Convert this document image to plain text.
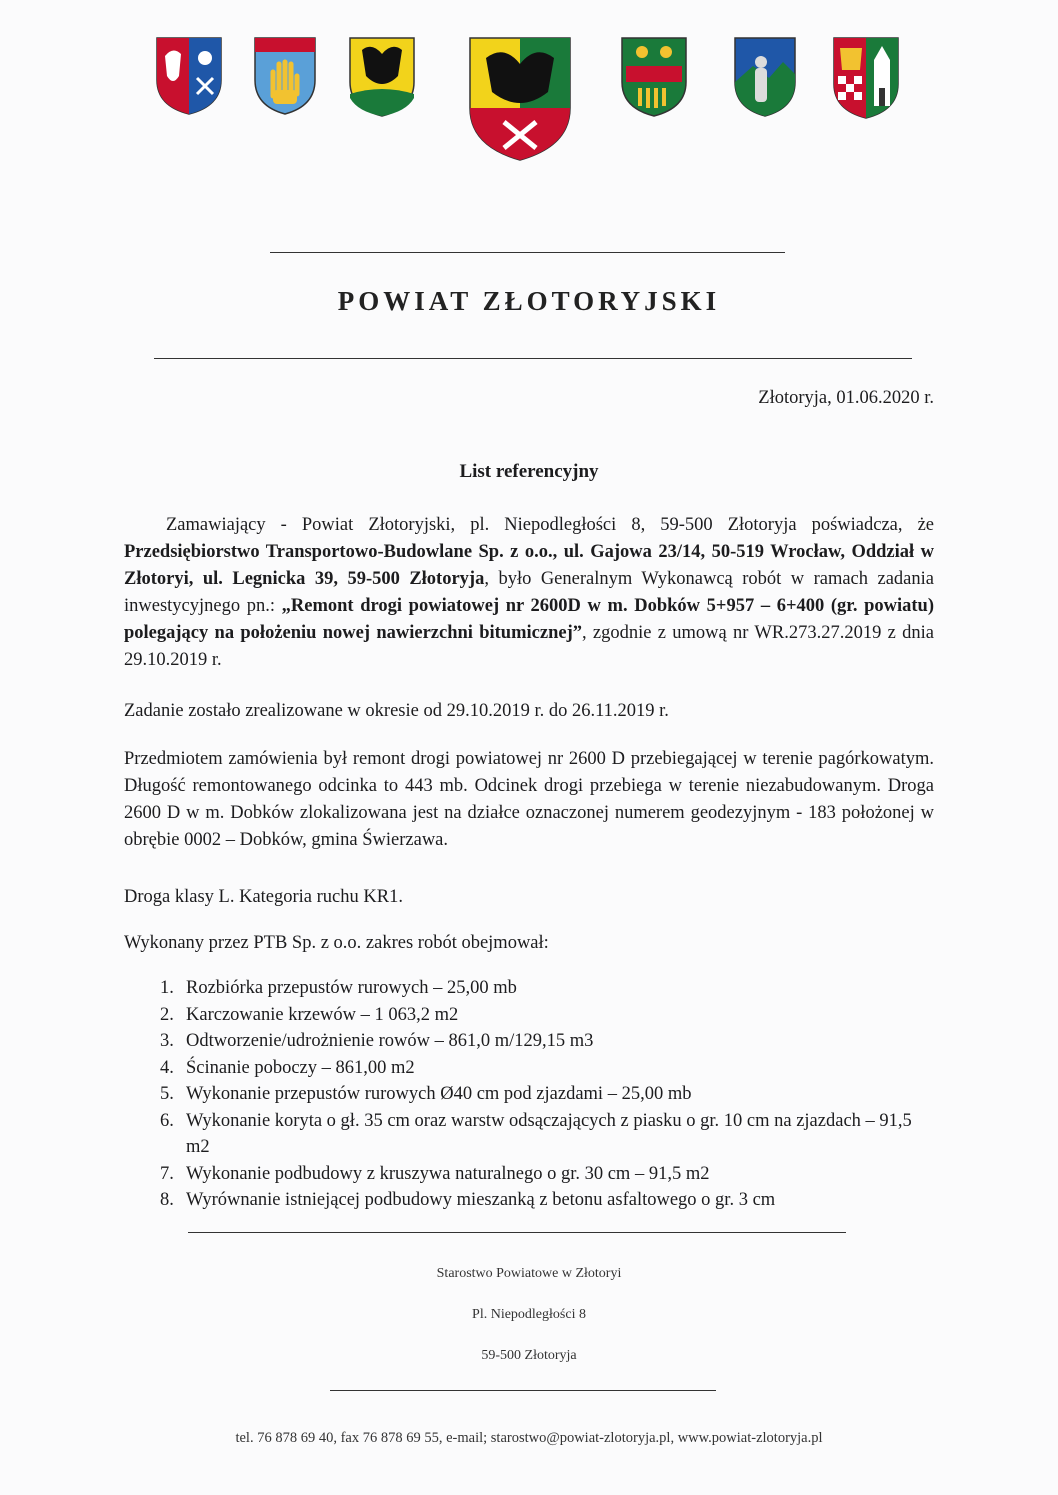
POWIAT ZŁOTORYJSKI
Złotoryja, 01.06.2020 r.
List referencyjny

Zamawiający - Powiat Złotoryjski, pl. Niepodległości 8, 59-500 Złotoryja poświadcza, że Przedsiębiorstwo Transportowo-Budowlane Sp. z o.o., ul. Gajowa 23/14, 50-519 Wrocław, Oddział w Złotoryi, ul. Legnicka 39, 59-500 Złotoryja, było Generalnym Wykonawcą robót w ramach zadania inwestycyjnego pn.: „Remont drogi powiatowej nr 2600D w m. Dobków 5+957 – 6+400 (gr. powiatu) polegający na położeniu nowej nawierzchni bitumicznej”, zgodnie z umową nr WR.273.27.2019 z dnia 29.10.2019 r.

Zadanie zostało zrealizowane w okresie od 29.10.2019 r. do 26.11.2019 r.

Przedmiotem zamówienia był remont drogi powiatowej nr 2600 D przebiegającej w terenie pagórkowatym. Długość remontowanego odcinka to 443 mb. Odcinek drogi przebiega w terenie niezabudowanym. Droga 2600 D w m. Dobków zlokalizowana jest na działce oznaczonej numerem geodezyjnym - 183 położonej w obrębie 0002 – Dobków, gmina Świerzawa.

Droga klasy L. Kategoria ruchu KR1.

Wykonany przez PTB Sp. z o.o. zakres robót obejmował:

1. Rozbiórka przepustów rurowych – 25,00 mb
2. Karczowanie krzewów – 1 063,2 m2
3. Odtworzenie/udrożnienie rowów – 861,0 m/129,15 m3
4. Ścinanie poboczy – 861,00 m2
5. Wykonanie przepustów rurowych Ø40 cm pod zjazdami – 25,00 mb
6. Wykonanie koryta o gł. 35 cm oraz warstw odsączających z piasku o gr. 10 cm na zjazdach – 91,5 m2
7. Wykonanie podbudowy z kruszywa naturalnego o gr. 30 cm – 91,5 m2
8. Wyrównanie istniejącej podbudowy mieszanką z betonu asfaltowego o gr. 3 cm
Starostwo Powiatowe w Złotoryi
Pl. Niepodległości 8
59-500 Złotoryja
tel. 76 878 69 40, fax 76 878 69 55, e-mail; starostwo@powiat-zlotoryja.pl, www.powiat-zlotoryja.pl
